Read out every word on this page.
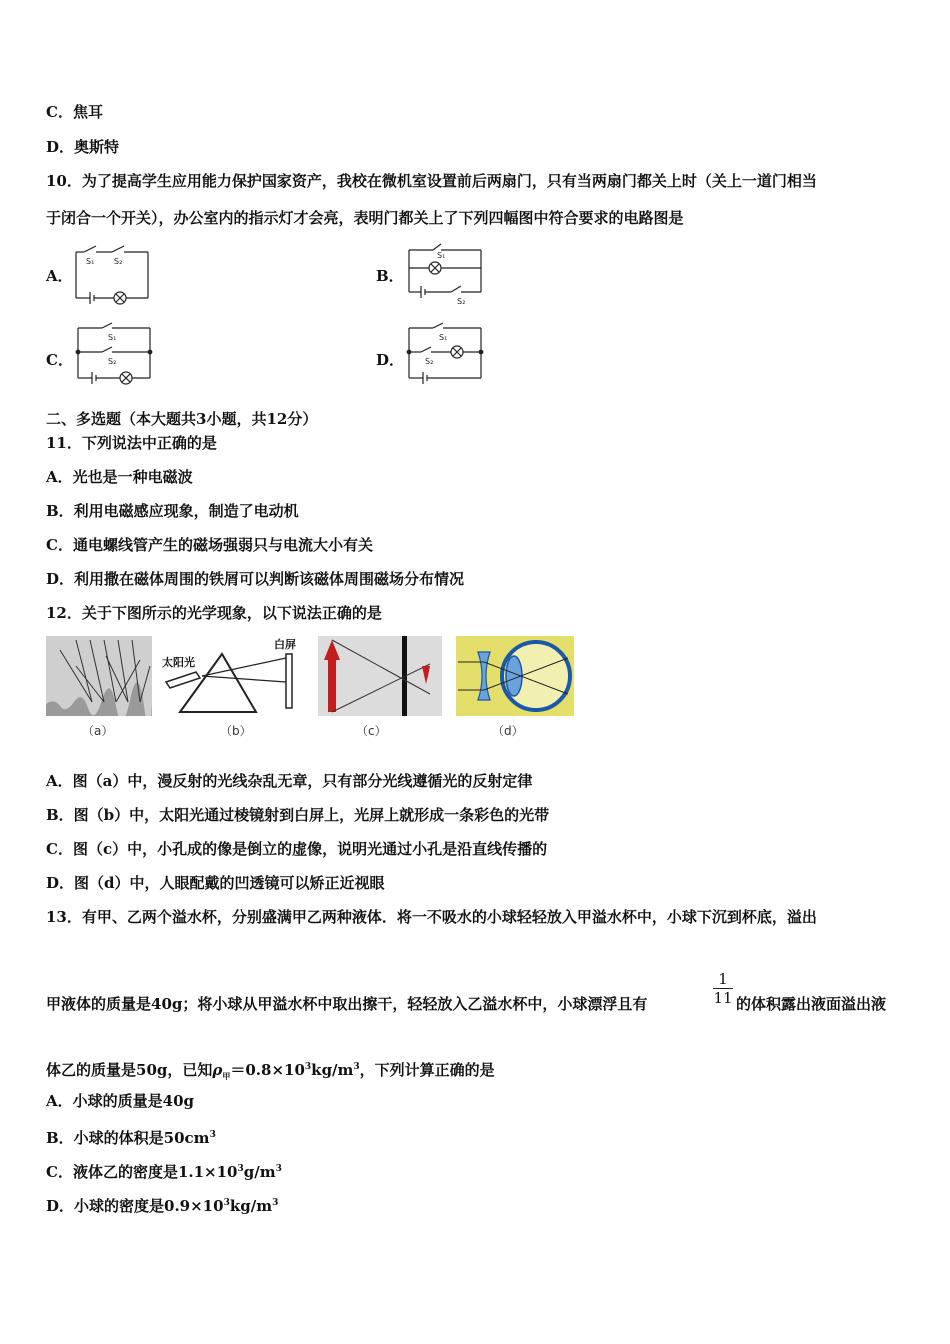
C．焦耳
D．奥斯特
10．为了提高学生应用能力保护国家资产，我校在微机室设置前后两扇门，只有当两扇门都关上时（关上一道门相当
于闭合一个开关），办公室内的指示灯才会亮，表明门都关上了下列四幅图中符合要求的电路图是
A．	B．
C．	D．
S₁ S₂
S₁
S₂
S₁
S₂
S₁
S₂
二、多选题（本大题共3小题，共12分）
11．下列说法中正确的是
A．光也是一种电磁波
B．利用电磁感应现象，制造了电动机
C．通电螺线管产生的磁场强弱只与电流大小有关
D．利用撒在磁体周围的铁屑可以判断该磁体周围磁场分布情况
12．关于下图所示的光学现象，以下说法正确的是
（a）
太阳光
白屏
（b）	（c）	（d）
A．图（a）中，漫反射的光线杂乱无章，只有部分光线遵循光的反射定律
B．图（b）中，太阳光通过棱镜射到白屏上，光屏上就形成一条彩色的光带
C．图（c）中，小孔成的像是倒立的虚像，说明光通过小孔是沿直线传播的
D．图（d）中，人眼配戴的凹透镜可以矫正近视眼
13．有甲、乙两个溢水杯，分别盛满甲乙两种液体．将一不吸水的小球轻轻放入甲溢水杯中，小球下沉到杯底，溢出
甲液体的质量是40g；将小球从甲溢水杯中取出擦干，轻轻放入乙溢水杯中，小球漂浮且有
1
11 的体积露出液面溢出液
体乙的质量是50g，已知$\rho_甲=0.8\times 10^3kg/m^3$，下列计算正确的是
A．小球的质量是40g
B．小球的体积是$50cm^3$
C．液体乙的密度是$1.1\times 10^3g/m^3$
D．小球的密度是$0.9\times 10^3kg/m^3$
